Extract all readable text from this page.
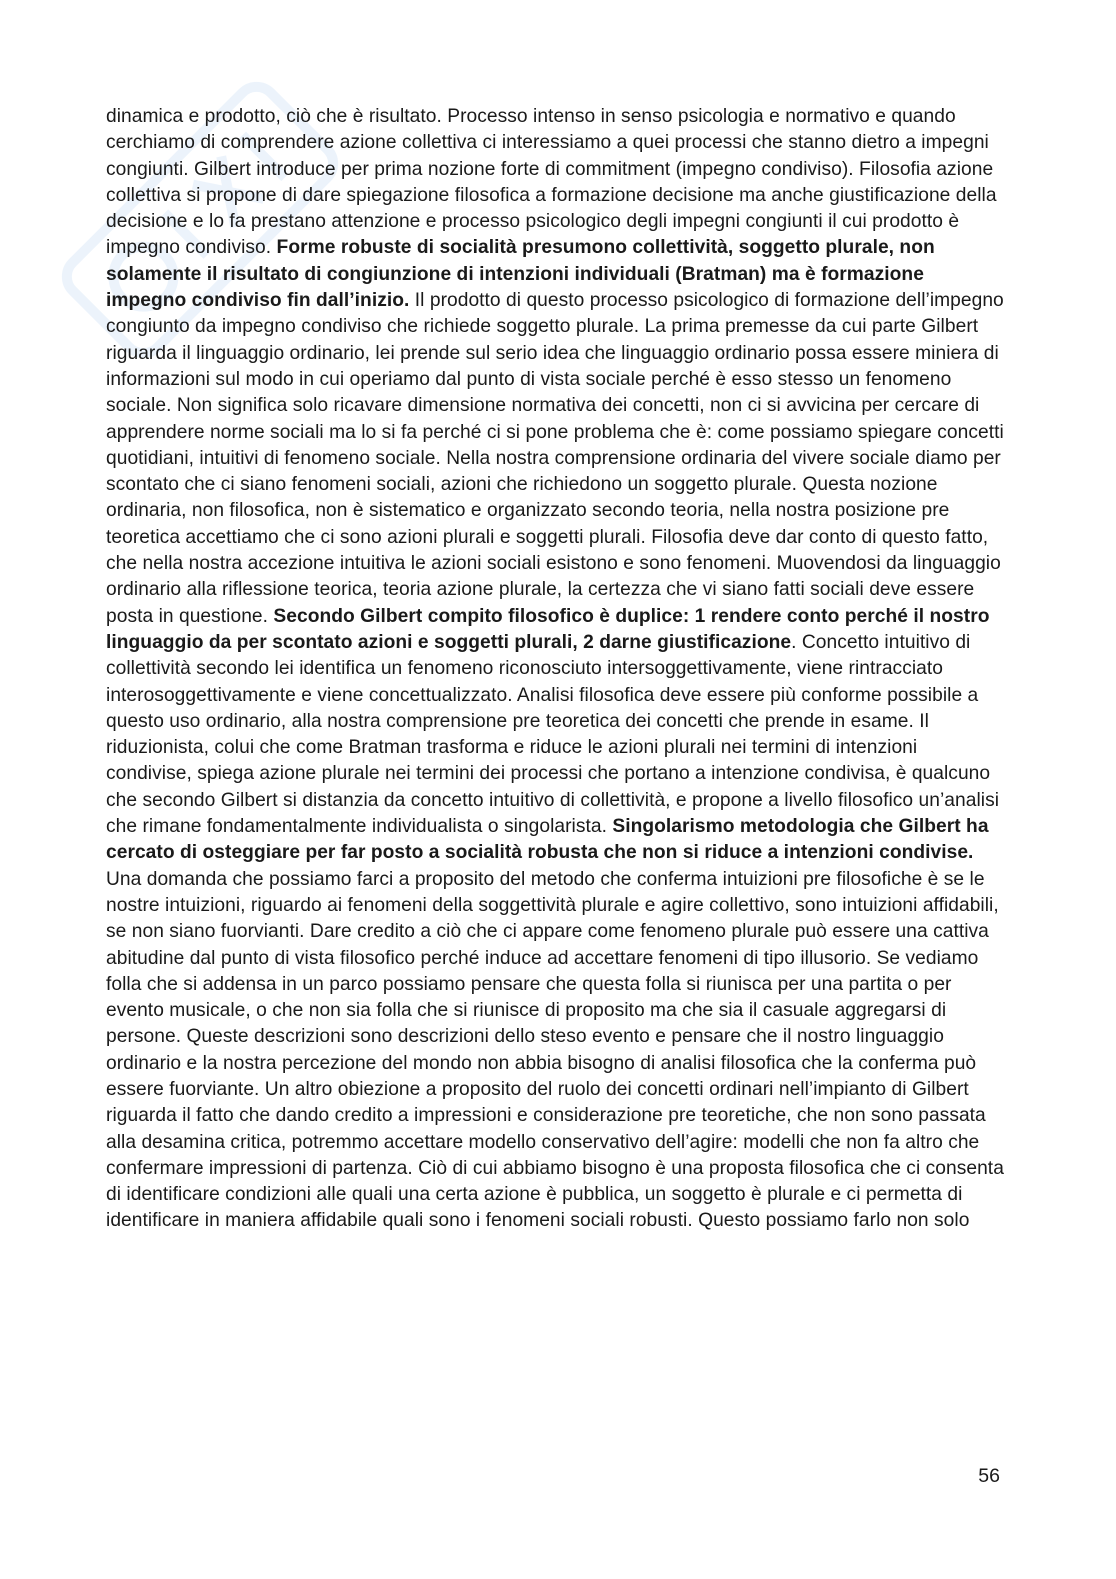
dinamica e prodotto, ciò che è risultato. Processo intenso in senso psicologia e normativo e quando cerchiamo di comprendere azione collettiva ci interessiamo a quei processi che stanno dietro a impegni congiunti. Gilbert introduce per prima nozione forte di commitment (impegno condiviso). Filosofia azione collettiva si propone di dare spiegazione filosofica a formazione decisione ma anche giustificazione della decisione e lo fa prestano attenzione e processo psicologico degli impegni congiunti il cui prodotto è impegno condiviso. Forme robuste di socialità presumono collettività, soggetto plurale, non solamente il risultato di congiunzione di intenzioni individuali (Bratman) ma è formazione impegno condiviso fin dall’inizio. Il prodotto di questo processo psicologico di formazione dell’impegno congiunto da impegno condiviso che richiede soggetto plurale. La prima premesse da cui parte Gilbert riguarda il linguaggio ordinario, lei prende sul serio idea che linguaggio ordinario possa essere miniera di informazioni sul modo in cui operiamo dal punto di vista sociale perché è esso stesso un fenomeno sociale. Non significa solo ricavare dimensione normativa dei concetti, non ci si avvicina per cercare di apprendere norme sociali ma lo si fa perché ci si pone problema che è: come possiamo spiegare concetti quotidiani, intuitivi di fenomeno sociale. Nella nostra comprensione ordinaria del vivere sociale diamo per scontato che ci siano fenomeni sociali, azioni che richiedono un soggetto plurale. Questa nozione ordinaria, non filosofica, non è sistematico e organizzato secondo teoria, nella nostra posizione pre teoretica accettiamo che ci sono azioni plurali e soggetti plurali. Filosofia deve dar conto di questo fatto, che nella nostra accezione intuitiva le azioni sociali esistono e sono fenomeni. Muovendosi da linguaggio ordinario alla riflessione teorica, teoria azione plurale, la certezza che vi siano fatti sociali deve essere posta in questione. Secondo Gilbert compito filosofico è duplice: 1 rendere conto perché il nostro linguaggio da per scontato azioni e soggetti plurali, 2 darne giustificazione. Concetto intuitivo di collettività secondo lei identifica un fenomeno riconosciuto intersoggettivamente, viene rintracciato interosoggettivamente e viene concettualizzato. Analisi filosofica deve essere più conforme possibile a questo uso ordinario, alla nostra comprensione pre teoretica dei concetti che prende in esame. Il riduzionista, colui che come Bratman trasforma e riduce le azioni plurali nei termini di intenzioni condivise, spiega azione plurale nei termini dei processi che portano a intenzione condivisa, è qualcuno che secondo Gilbert si distanzia da concetto intuitivo di collettività, e propone a livello filosofico un’analisi che rimane fondamentalmente individualista o singolarista. Singolarismo metodologia che Gilbert ha cercato di osteggiare per far posto a socialità robusta che non si riduce a intenzioni condivise. Una domanda che possiamo farci a proposito del metodo che conferma intuizioni pre filosofiche è se le nostre intuizioni, riguardo ai fenomeni della soggettività plurale e agire collettivo, sono intuizioni affidabili, se non siano fuorvianti. Dare credito a ciò che ci appare come fenomeno plurale può essere una cattiva abitudine dal punto di vista filosofico perché induce ad accettare fenomeni di tipo illusorio. Se vediamo folla che si addensa in un parco possiamo pensare che questa folla si riunisca per una partita o per evento musicale, o che non sia folla che si riunisce di proposito ma che sia il casuale aggregarsi di persone. Queste descrizioni sono descrizioni dello steso evento e pensare che il nostro linguaggio ordinario e la nostra percezione del mondo non abbia bisogno di analisi filosofica che la conferma può essere fuorviante. Un altro obiezione a proposito del ruolo dei concetti ordinari nell’impianto di Gilbert riguarda il fatto che dando credito a impressioni e considerazione pre teoretiche, che non sono passata alla desamina critica, potremmo accettare modello conservativo dell’agire: modelli che non fa altro che confermare impressioni di partenza. Ciò di cui abbiamo bisogno è una proposta filosofica che ci consenta di identificare condizioni alle quali una certa azione è pubblica, un soggetto è plurale e ci permetta di identificare in maniera affidabile quali sono i fenomeni sociali robusti. Questo possiamo farlo non solo

56
